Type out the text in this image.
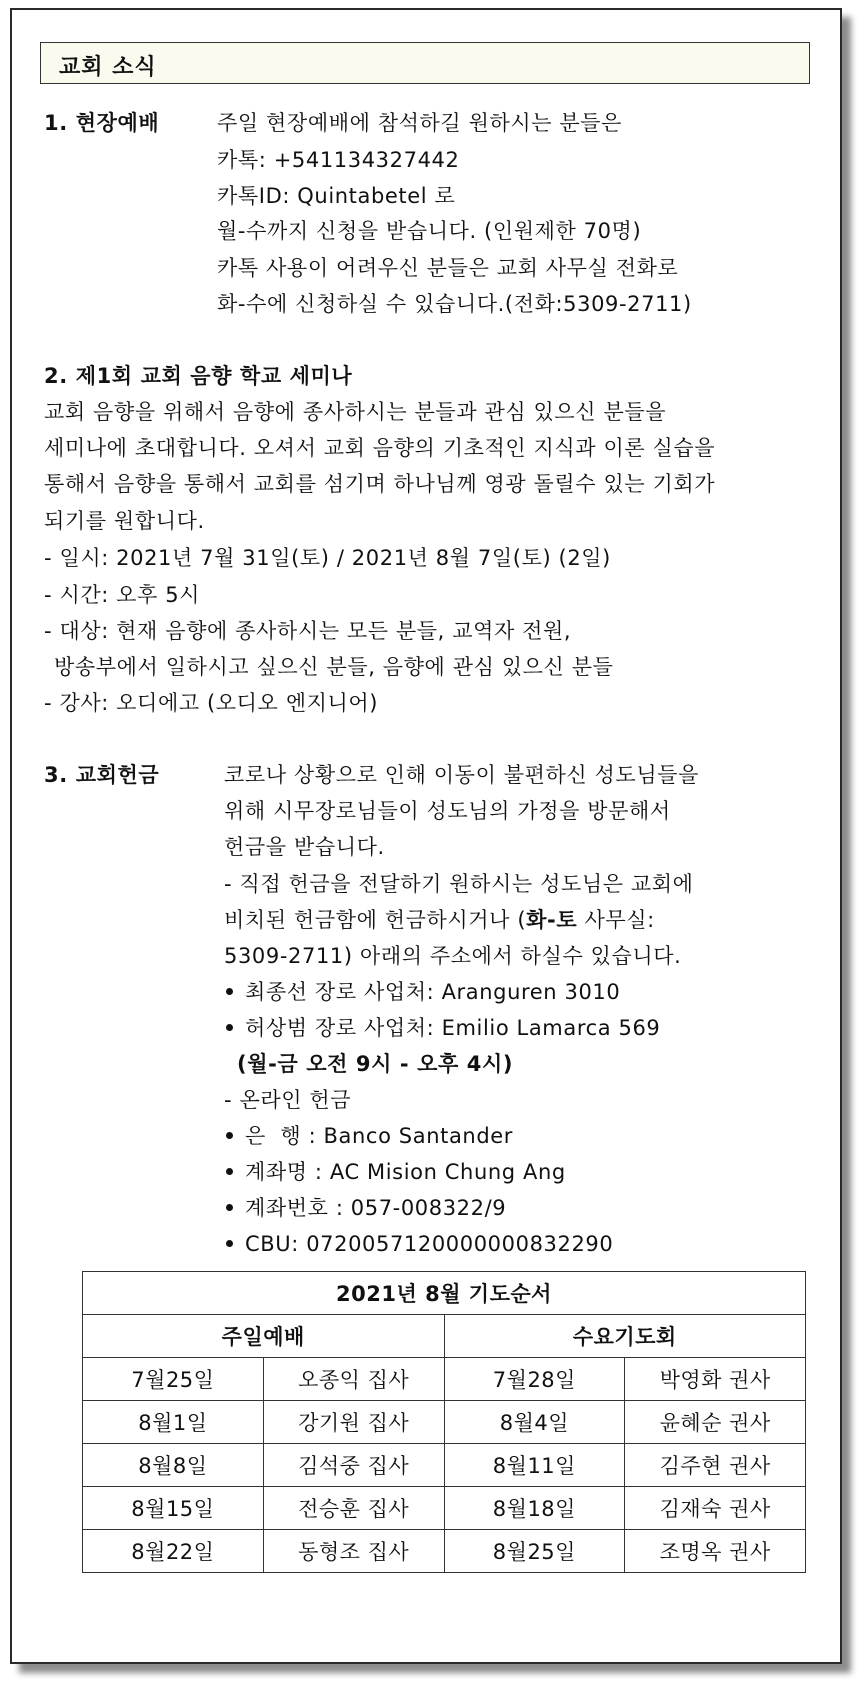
교회 소식
1. 현장예배	주일 현장예배에 참석하길 원하시는 분들은
카톡: +541134327442
카톡ID: Quintabetel 로
월-수까지 신청을 받습니다. (인원제한 70명)
카톡 사용이 어려우신 분들은 교회 사무실 전화로
화-수에 신청하실 수 있습니다.(전화:5309-2711)
2. 제1회 교회 음향 학교 세미나
교회 음향을 위해서 음향에 종사하시는 분들과 관심 있으신 분들을
세미나에 초대합니다. 오셔서 교회 음향의 기초적인 지식과 이론 실습을
통해서 음향을 통해서 교회를 섬기며 하나님께 영광 돌릴수 있는 기회가
되기를 원합니다.
- 일시: 2021년 7월 31일(토) / 2021년 8월 7일(토) (2일)
- 시간: 오후 5시
- 대상: 현재 음향에 종사하시는 모든 분들, 교역자 전원,
방송부에서 일하시고 싶으신 분들, 음향에 관심 있으신 분들
- 강사: 오디에고 (오디오 엔지니어)
3. 교회헌금	코로나 상황으로 인해 이동이 불편하신 성도님들을
위해 시무장로님들이 성도님의 가정을 방문해서
헌금을 받습니다.
- 직접 헌금을 전달하기 원하시는 성도님은 교회에
비치된 헌금함에 헌금하시거나 (화-토 사무실:
5309-2711) 아래의 주소에서 하실수 있습니다.
최종선 장로 사업처: Aranguren 3010
허상범 장로 사업처: Emilio Lamarca 569
(월-금 오전 9시 - 오후 4시)
- 온라인 헌금
은  행 : Banco Santander
계좌명 : AC Mision Chung Ang
계좌번호 : 057-008322/9
CBU: 0720057120000000832290
2021년 8월 기도순서			
주일예배		수요기도회	
7월25일	오종익 집사	7월28일	박영화 권사
8월1일	강기원 집사	8월4일	윤혜순 권사
8월8일	김석중 집사	8월11일	김주현 권사
8월15일	전승훈 집사	8월18일	김재숙 권사
8월22일	동형조 집사	8월25일	조명옥 권사
